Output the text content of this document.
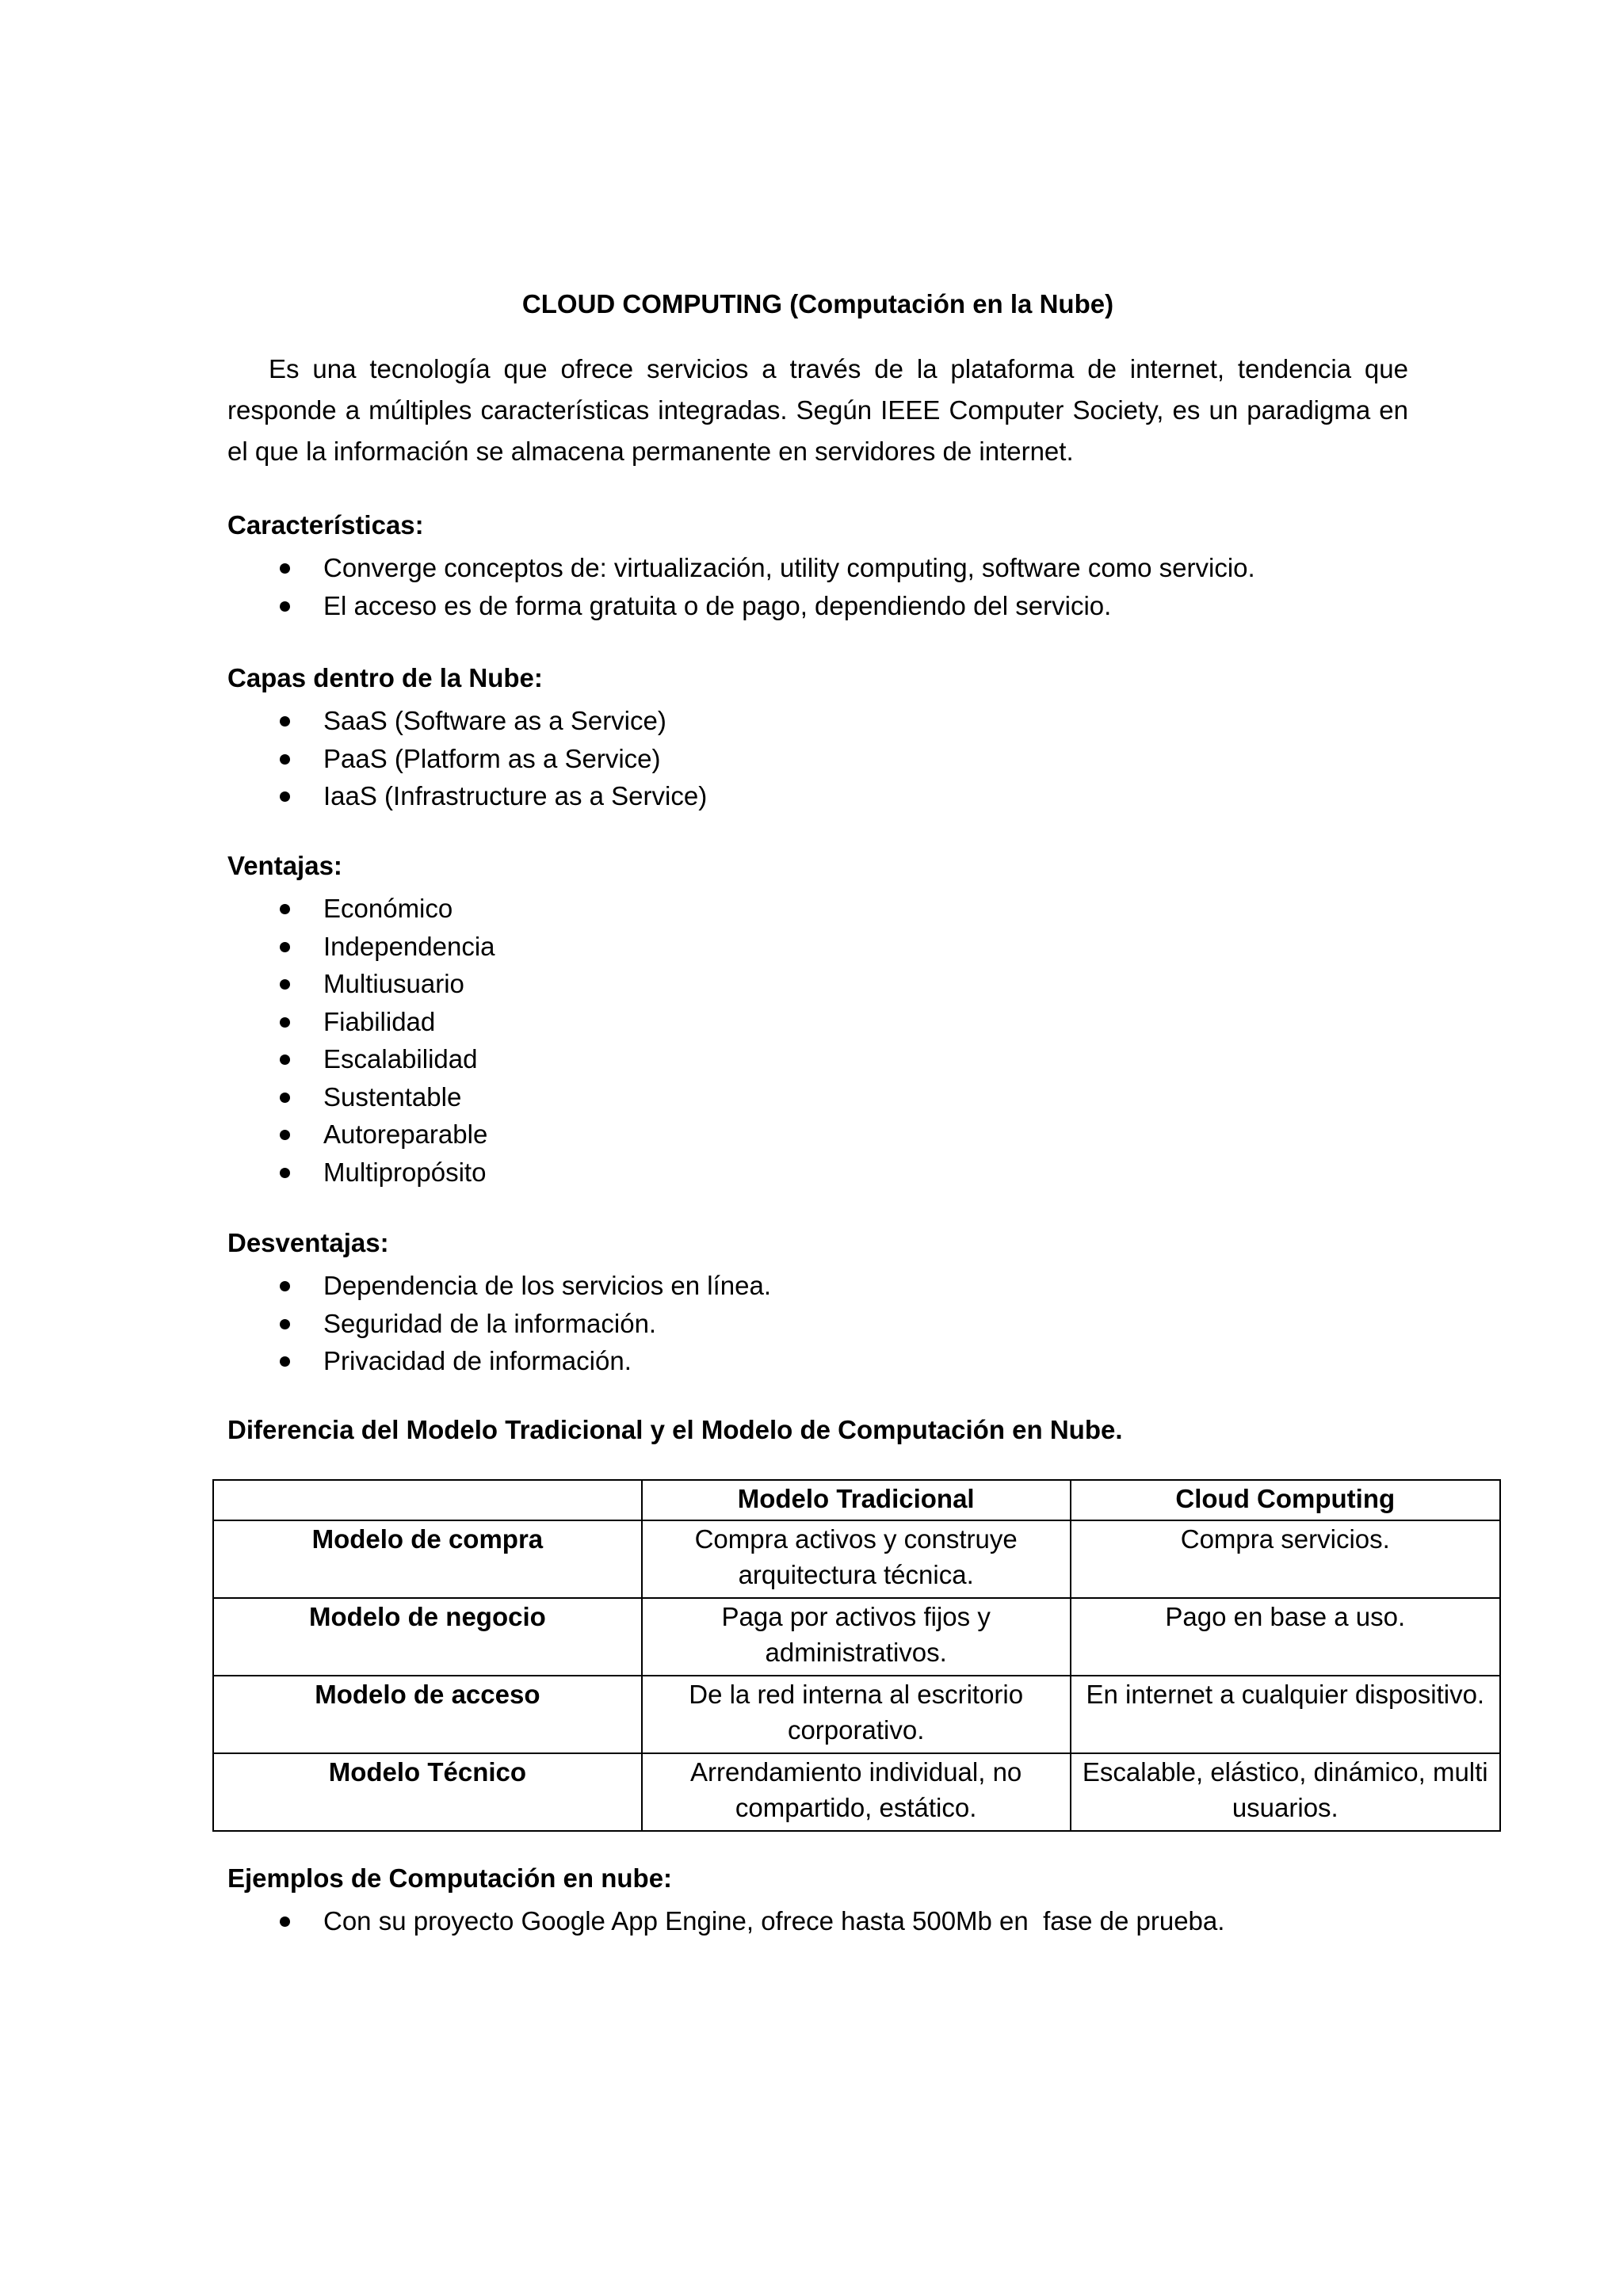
CLOUD COMPUTING (Computación en la Nube)

Es una tecnología que ofrece servicios a través de la plataforma de internet, tendencia que responde a múltiples características integradas. Según IEEE Computer Society, es un paradigma en el que la información se almacena permanente en servidores de internet.

Características:
Converge conceptos de: virtualización, utility computing, software como servicio.
El acceso es de forma gratuita o de pago, dependiendo del servicio.
Capas dentro de la Nube:
SaaS (Software as a Service)
PaaS (Platform as a Service)
IaaS (Infrastructure as a Service)
Ventajas:
Económico
Independencia
Multiusuario
Fiabilidad
Escalabilidad
Sustentable
Autoreparable
Multipropósito
Desventajas:
Dependencia de los servicios en línea.
Seguridad de la información.
Privacidad de información.
Diferencia del Modelo Tradicional y el Modelo de Computación en Nube.
	Modelo Tradicional	Cloud Computing
Modelo de compra	Compra activos y construye arquitectura técnica.	Compra servicios.
Modelo de negocio	Paga por activos fijos y administrativos.	Pago en base a uso.
Modelo de acceso	De la red interna al escritorio corporativo.	En internet a cualquier dispositivo.
Modelo Técnico	Arrendamiento individual, no compartido, estático.	Escalable, elástico, dinámico, multi usuarios.
Ejemplos de Computación en nube:
Con su proyecto Google App Engine, ofrece hasta 500Mb en  fase de prueba.
